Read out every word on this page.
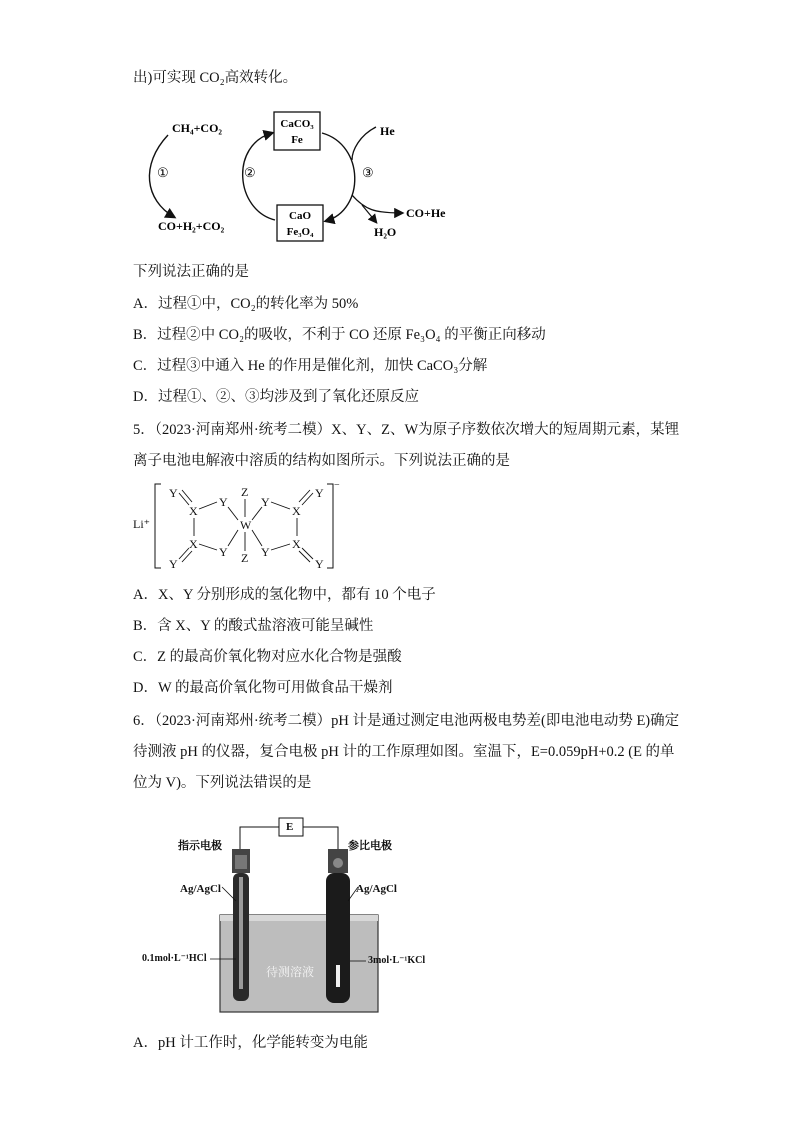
出)可实现 CO₂高效转化。
CH₄+CO₂
CO+H₂+CO₂
①
CaCO₃
Fe
CaO
Fe₃O₄
②	③
He
CO+He
H₂O
下列说法正确的是
A．过程①中，CO₂的转化率为 50%
B．过程②中 CO₂的吸收，不利于 CO 还原 Fe₃O₄ 的平衡正向移动
C．过程③中通入 He 的作用是催化剂，加快 CaCO₃分解
D．过程①、②、③均涉及到了氧化还原反应
5．（2023·河南郑州·统考二模）X、Y、Z、W为原子序数依次增大的短周期元素，某锂
离子电池电解液中溶质的结构如图所示。下列说法正确的是
Li⁺
−
W
Z
Z
X
X
X
X
Y
Y
Y
Y
Y
Y
Y
Y
A．X、Y 分别形成的氢化物中，都有 10 个电子
B．含 X、Y 的酸式盐溶液可能呈碱性
C．Z 的最高价氧化物对应水化合物是强酸
D．W 的最高价氧化物可用做食品干燥剂
6．（2023·河南郑州·统考二模）pH 计是通过测定电池两极电势差(即电池电动势 E)确定
待测液 pH 的仪器，复合电极 pH 计的工作原理如图。室温下，E=0.059pH+0.2 (E 的单
位为 V)。下列说法错误的是
E
指示电极	参比电极
Ag/AgCl	Ag/AgCl
0.1mol·L⁻¹HCl	3mol·L⁻¹KCl
待测溶液
A．pH 计工作时，化学能转变为电能
